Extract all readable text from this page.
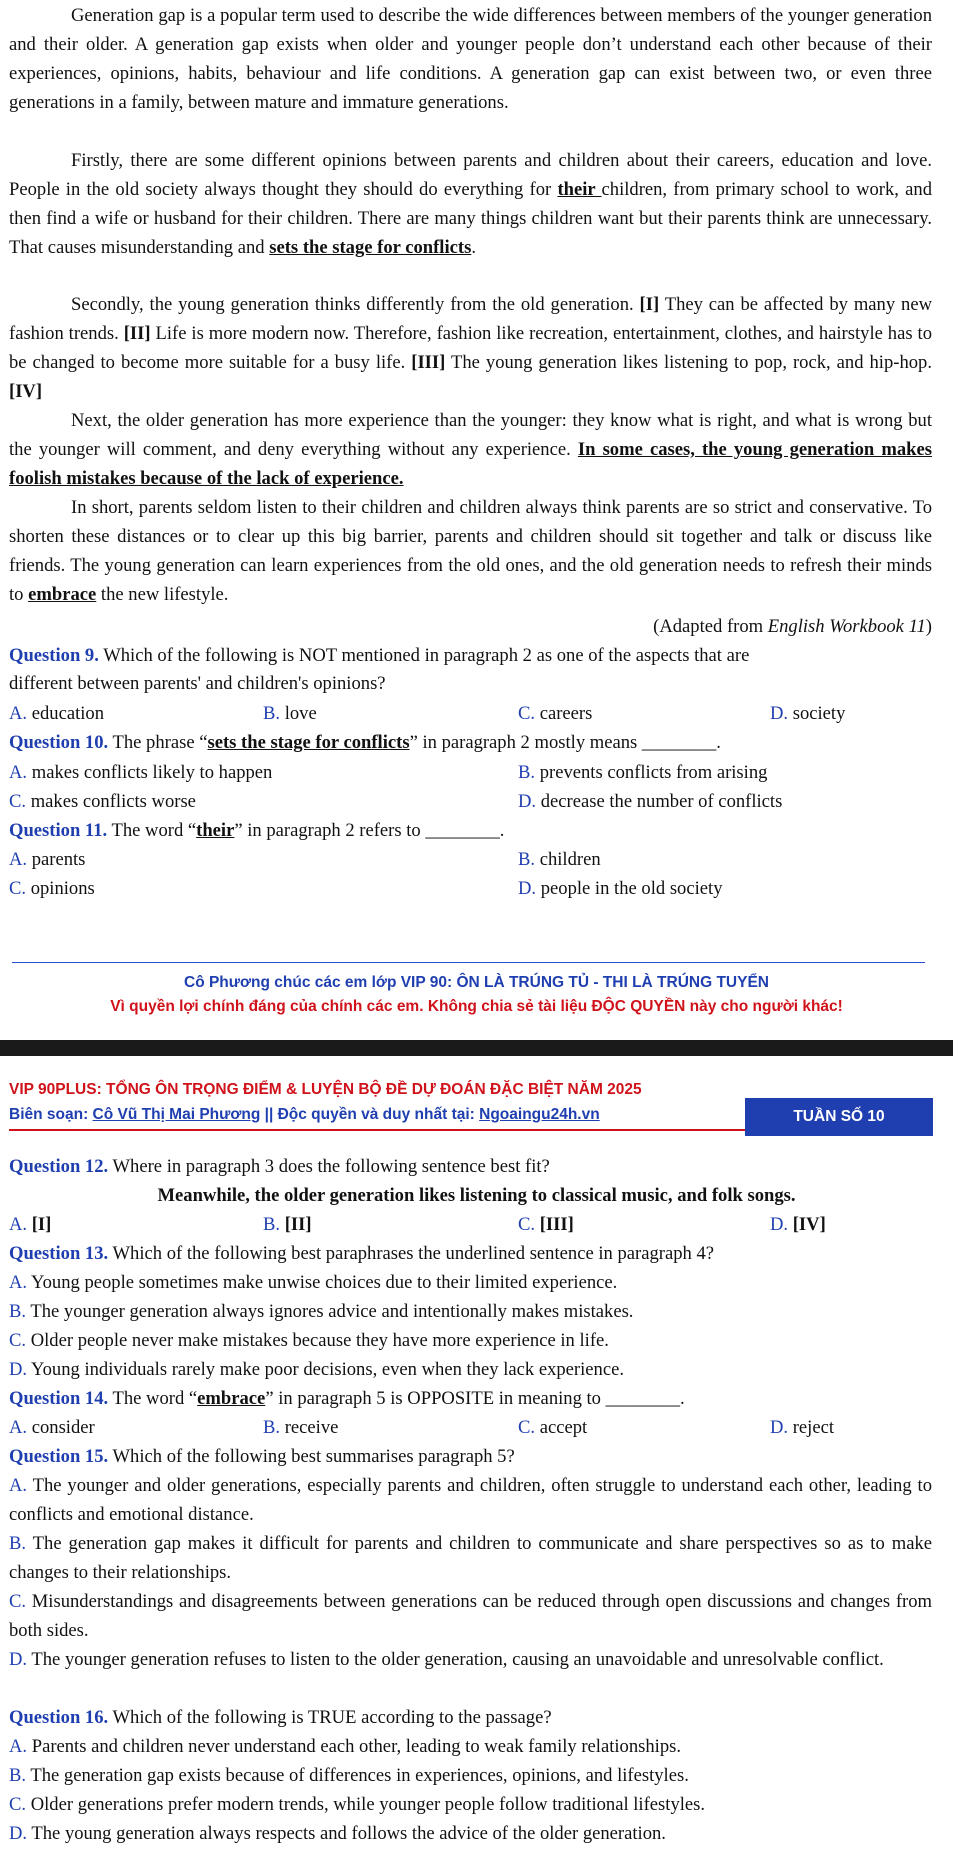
Generation gap is a popular term used to describe the wide differences between members of the younger generation and their older. A generation gap exists when older and younger people don’t understand each other because of their experiences, opinions, habits, behaviour and life conditions. A generation gap can exist between two, or even three generations in a family, between mature and immature generations.

Firstly, there are some different opinions between parents and children about their careers, education and love. People in the old society always thought they should do everything for their children, from primary school to work, and then find a wife or husband for their children. There are many things children want but their parents think are unnecessary. That causes misunderstanding and sets the stage for conflicts.

Secondly, the young generation thinks differently from the old generation. [I] They can be affected by many new fashion trends. [II] Life is more modern now. Therefore, fashion like recreation, entertainment, clothes, and hairstyle has to be changed to become more suitable for a busy life. [III] The young generation likes listening to pop, rock, and hip-hop. [IV]

Next, the older generation has more experience than the younger: they know what is right, and what is wrong but the younger will comment, and deny everything without any experience. In some cases, the young generation makes foolish mistakes because of the lack of experience.

In short, parents seldom listen to their children and children always think parents are so strict and conservative. To shorten these distances or to clear up this big barrier, parents and children should sit together and talk or discuss like friends. The young generation can learn experiences from the old ones, and the old generation needs to refresh their minds to embrace the new lifestyle.

(Adapted from English Workbook 11)
Question 9. Which of the following is NOT mentioned in paragraph 2 as one of the aspects that are
different between parents' and children's opinions?
A. education	B. love	C. careers	D. society
Question 10. The phrase “sets the stage for conflicts” in paragraph 2 mostly means ________.
A. makes conflicts likely to happen	B. prevents conflicts from arising
C. makes conflicts worse	D. decrease the number of conflicts
Question 11. The word “their” in paragraph 2 refers to ________.
A. parents	B. children
C. opinions	D. people in the old society
Cô Phương chúc các em lớp VIP 90: ÔN LÀ TRÚNG TỦ - THI LÀ TRÚNG TUYỂN
Vì quyền lợi chính đáng của chính các em. Không chia sẻ tài liệu ĐỘC QUYỀN này cho người khác!
VIP 90PLUS: TỔNG ÔN TRỌNG ĐIỂM & LUYỆN BỘ ĐỀ DỰ ĐOÁN ĐẶC BIỆT NĂM 2025
Biên soạn: Cô Vũ Thị Mai Phương || Độc quyền và duy nhất tại: Ngoaingu24h.vn	TUẦN SỐ 10
Question 12. Where in paragraph 3 does the following sentence best fit?
Meanwhile, the older generation likes listening to classical music, and folk songs.
A. [I]	B. [II]	C. [III]	D. [IV]
Question 13. Which of the following best paraphrases the underlined sentence in paragraph 4?
A. Young people sometimes make unwise choices due to their limited experience.
B. The younger generation always ignores advice and intentionally makes mistakes.
C. Older people never make mistakes because they have more experience in life.
D. Young individuals rarely make poor decisions, even when they lack experience.
Question 14. The word “embrace” in paragraph 5 is OPPOSITE in meaning to ________.
A. consider	B. receive	C. accept	D. reject
Question 15. Which of the following best summarises paragraph 5?

A. The younger and older generations, especially parents and children, often struggle to understand each other, leading to conflicts and emotional distance.

B. The generation gap makes it difficult for parents and children to communicate and share perspectives so as to make changes to their relationships.

C. Misunderstandings and disagreements between generations can be reduced through open discussions and changes from both sides.

D. The younger generation refuses to listen to the older generation, causing an unavoidable and unresolvable conflict.

Question 16. Which of the following is TRUE according to the passage?
A. Parents and children never understand each other, leading to weak family relationships.
B. The generation gap exists because of differences in experiences, opinions, and lifestyles.
C. Older generations prefer modern trends, while younger people follow traditional lifestyles.
D. The young generation always respects and follows the advice of the older generation.
